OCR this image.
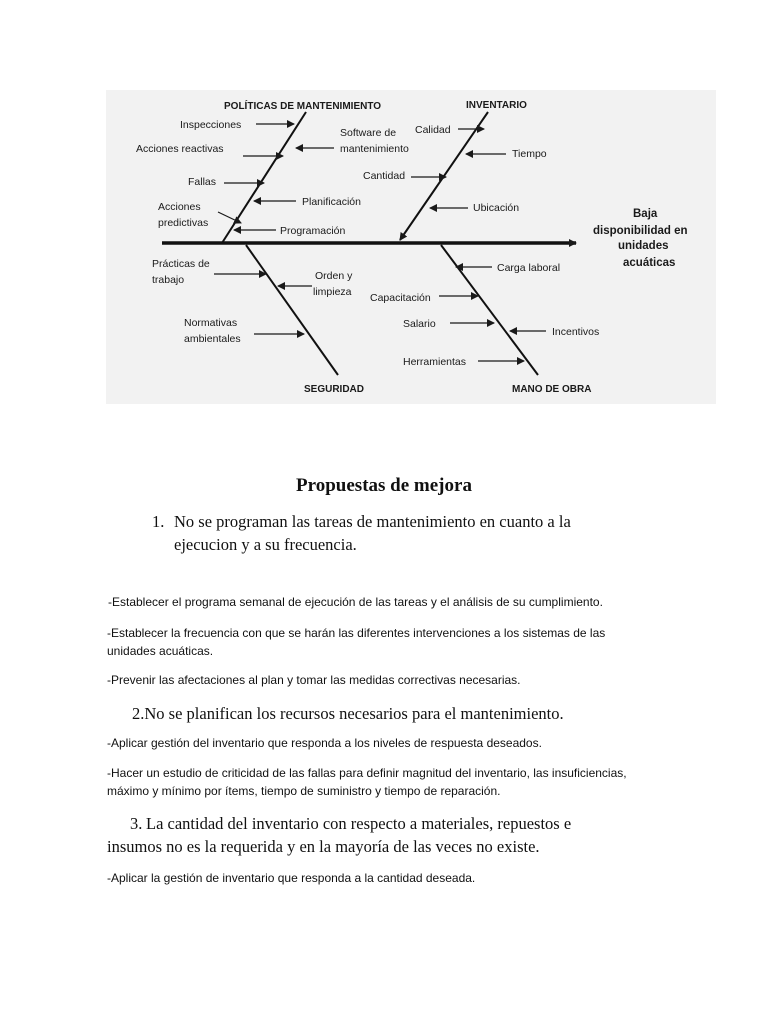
POLÍTICAS DE MANTENIMIENTO	INVENTARIO
SEGURIDAD	MANO DE OBRA
Baja
disponibilidad en
unidades
acuáticas
Inspecciones
Acciones reactivas
Fallas
Acciones
predictivas
Software de
mantenimiento
Planificación
Programación
Calidad
Tiempo
Cantidad
Ubicación
Prácticas de
trabajo	Orden y
limpieza
Normativas
ambientales
Carga laboral
Capacitación
Salario
Incentivos
Herramientas

Propuestas de mejora

1. No se programan las tareas de mantenimiento en cuanto a la

ejecucion y a su frecuencia.

-Establecer el programa semanal de ejecución de las tareas y el análisis de su cumplimiento.

-Establecer la frecuencia con que se harán las diferentes intervenciones a los sistemas de las

unidades acuáticas.

-Prevenir las afectaciones al plan y tomar las medidas correctivas necesarias.

2.No se planifican los recursos necesarios para el mantenimiento.

-Aplicar gestión del inventario que responda a los niveles de respuesta deseados.

-Hacer un estudio de criticidad de las fallas para definir magnitud del inventario, las insuficiencias,

máximo y mínimo por ítems, tiempo de suministro y tiempo de reparación.

3. La cantidad del inventario con respecto a materiales, repuestos e

insumos no es la requerida y en la mayoría de las veces no existe.

-Aplicar la gestión de inventario que responda a la cantidad deseada.
